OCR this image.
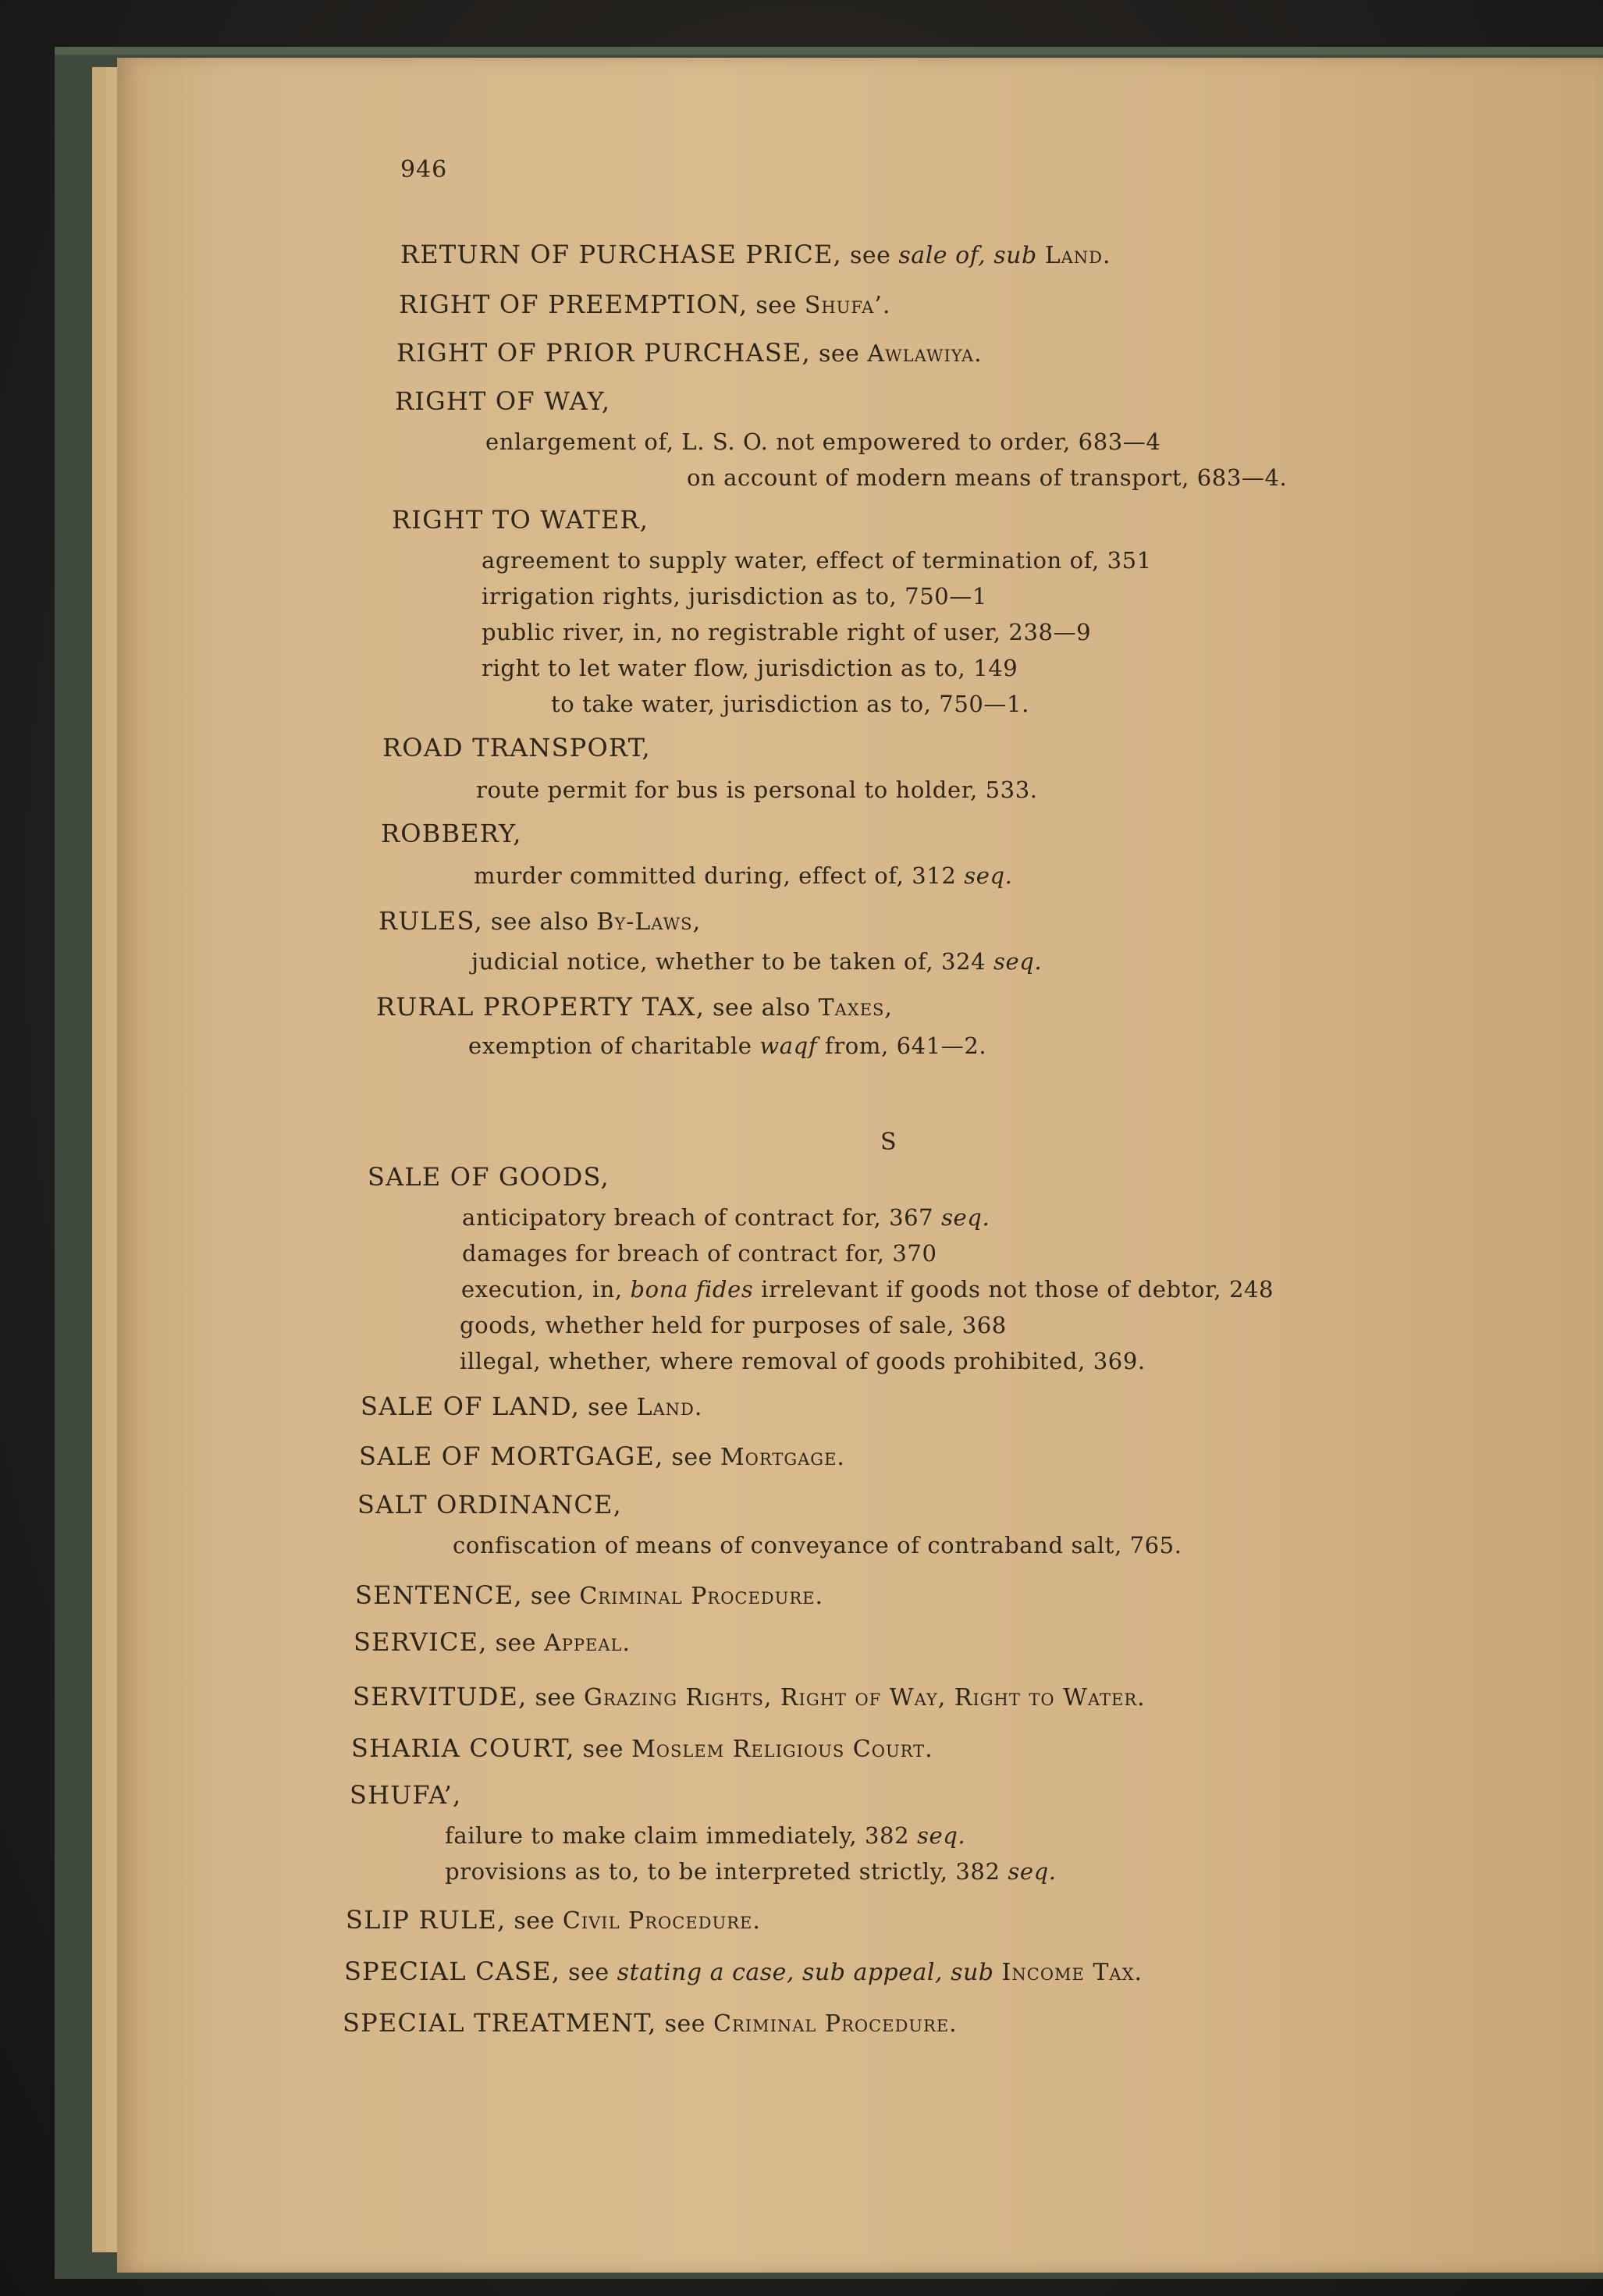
946
RETURN OF PURCHASE PRICE, see sale of, sub Land.
RIGHT OF PREEMPTION, see Shufa’.
RIGHT OF PRIOR PURCHASE, see Awlawiya.
RIGHT OF WAY,
enlargement of, L. S. O. not empowered to order, 683—4
on account of modern means of transport, 683—4.
RIGHT TO WATER,
agreement to supply water, effect of termination of, 351
irrigation rights, jurisdiction as to, 750—1
public river, in, no registrable right of user, 238—9
right to let water flow, jurisdiction as to, 149
to take water, jurisdiction as to, 750—1.
ROAD TRANSPORT,
route permit for bus is personal to holder, 533.
ROBBERY,
murder committed during, effect of, 312 seq.
RULES, see also By-Laws,
judicial notice, whether to be taken of, 324 seq.
RURAL PROPERTY TAX, see also Taxes,
exemption of charitable waqf from, 641—2.
S
SALE OF GOODS,
anticipatory breach of contract for, 367 seq.
damages for breach of contract for, 370
execution, in, bona fides irrelevant if goods not those of debtor, 248
goods, whether held for purposes of sale, 368
illegal, whether, where removal of goods prohibited, 369.
SALE OF LAND, see Land.
SALE OF MORTGAGE, see Mortgage.
SALT ORDINANCE,
confiscation of means of conveyance of contraband salt, 765.
SENTENCE, see Criminal Procedure.
SERVICE, see Appeal.
SERVITUDE, see Grazing Rights, Right of Way, Right to Water.
SHARIA COURT, see Moslem Religious Court.
SHUFA’,
failure to make claim immediately, 382 seq.
provisions as to, to be interpreted strictly, 382 seq.
SLIP RULE, see Civil Procedure.
SPECIAL CASE, see stating a case, sub appeal, sub Income Tax.
SPECIAL TREATMENT, see Criminal Procedure.
